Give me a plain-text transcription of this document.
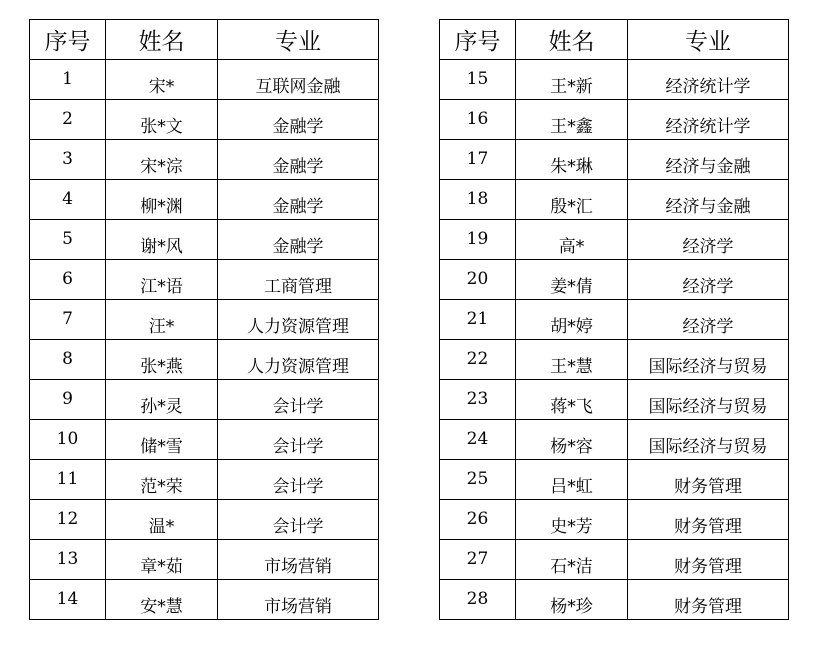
序号	姓名	专业
1	宋*	互联网金融
2	张*文	金融学
3	宋*淙	金融学
4	柳*渊	金融学
5	谢*风	金融学
6	江*语	工商管理
7	汪*	人力资源管理
8	张*燕	人力资源管理
9	孙*灵	会计学
10	储*雪	会计学
11	范*荣	会计学
12	温*	会计学
13	章*茹	市场营销
14	安*慧	市场营销
序号	姓名	专业
15	王*新	经济统计学
16	王*鑫	经济统计学
17	朱*琳	经济与金融
18	殷*汇	经济与金融
19	高*	经济学
20	姜*倩	经济学
21	胡*婷	经济学
22	王*慧	国际经济与贸易
23	蒋*飞	国际经济与贸易
24	杨*容	国际经济与贸易
25	吕*虹	财务管理
26	史*芳	财务管理
27	石*洁	财务管理
28	杨*珍	财务管理
